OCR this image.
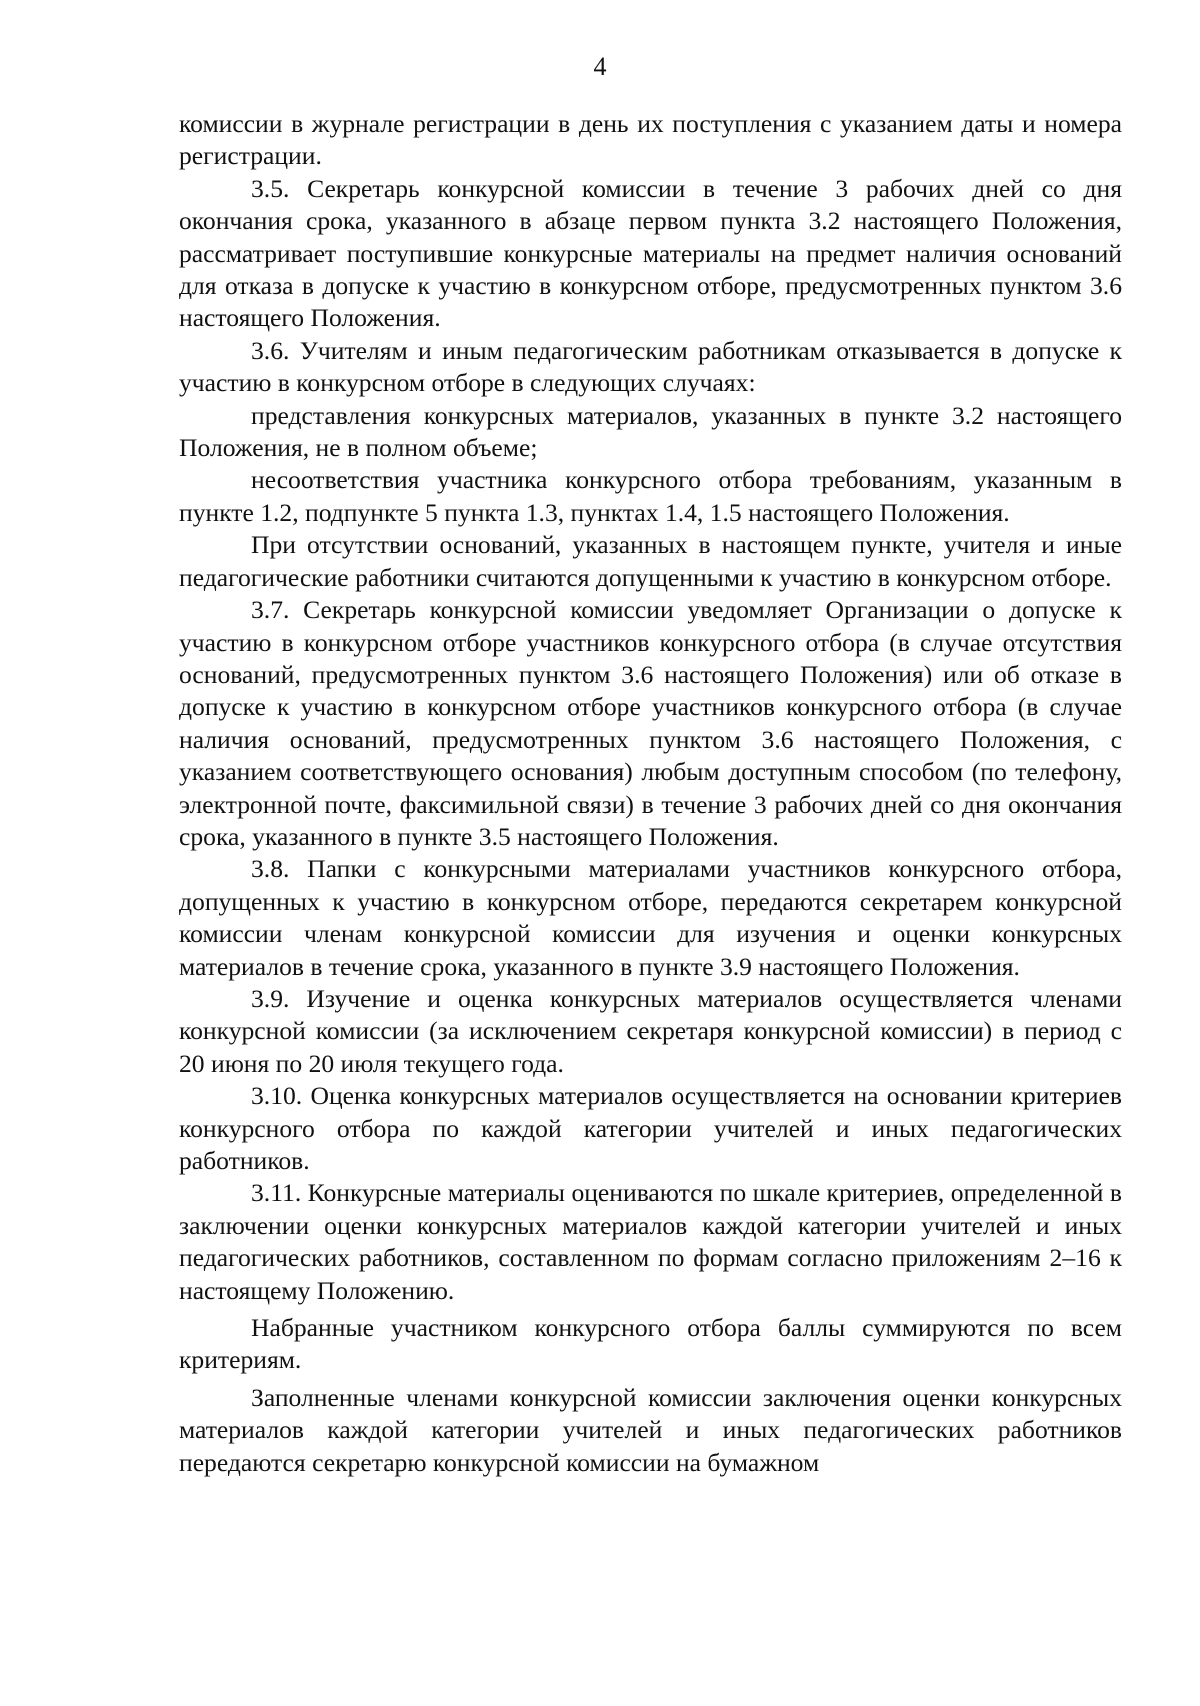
4

комиссии в журнале регистрации в день их поступления с указанием даты и номера регистрации.

3.5. Секретарь конкурсной комиссии в течение 3 рабочих дней со дня окончания срока, указанного в абзаце первом пункта 3.2 настоящего Положения, рассматривает поступившие конкурсные материалы на предмет наличия оснований для отказа в допуске к участию в конкурсном отборе, предусмотренных пунктом 3.6 настоящего Положения.

3.6. Учителям и иным педагогическим работникам отказывается в допуске к участию в конкурсном отборе в следующих случаях:

представления конкурсных материалов, указанных в пункте 3.2 настоящего Положения, не в полном объеме;

несоответствия участника конкурсного отбора требованиям, указанным в пункте 1.2, подпункте 5 пункта 1.3, пунктах 1.4, 1.5 настоящего Положения.

При отсутствии оснований, указанных в настоящем пункте, учителя и иные педагогические работники считаются допущенными к участию в конкурсном отборе.

3.7. Секретарь конкурсной комиссии уведомляет Организации о допуске к участию в конкурсном отборе участников конкурсного отбора (в случае отсутствия оснований, предусмотренных пунктом 3.6 настоящего Положения) или об отказе в допуске к участию в конкурсном отборе участников конкурсного отбора (в случае наличия оснований, предусмотренных пунктом 3.6 настоящего Положения, с указанием соответствующего основания) любым доступным способом (по телефону, электронной почте, факсимильной связи) в течение 3 рабочих дней со дня окончания срока, указанного в пункте 3.5 настоящего Положения.

3.8. Папки с конкурсными материалами участников конкурсного отбора, допущенных к участию в конкурсном отборе, передаются секретарем конкурсной комиссии членам конкурсной комиссии для изучения и оценки конкурсных материалов в течение срока, указанного в пункте 3.9 настоящего Положения.

3.9. Изучение и оценка конкурсных материалов осуществляется членами конкурсной комиссии (за исключением секретаря конкурсной комиссии) в период с 20 июня по 20 июля текущего года.

3.10. Оценка конкурсных материалов осуществляется на основании критериев конкурсного отбора по каждой категории учителей и иных педагогических работников.

3.11. Конкурсные материалы оцениваются по шкале критериев, определенной в заключении оценки конкурсных материалов каждой категории учителей и иных педагогических работников, составленном по формам согласно приложениям 2–16 к настоящему Положению.

Набранные участником конкурсного отбора баллы суммируются по всем критериям.

Заполненные членами конкурсной комиссии заключения оценки конкурсных материалов каждой категории учителей и иных педагогических работников передаются секретарю конкурсной комиссии на бумажном
